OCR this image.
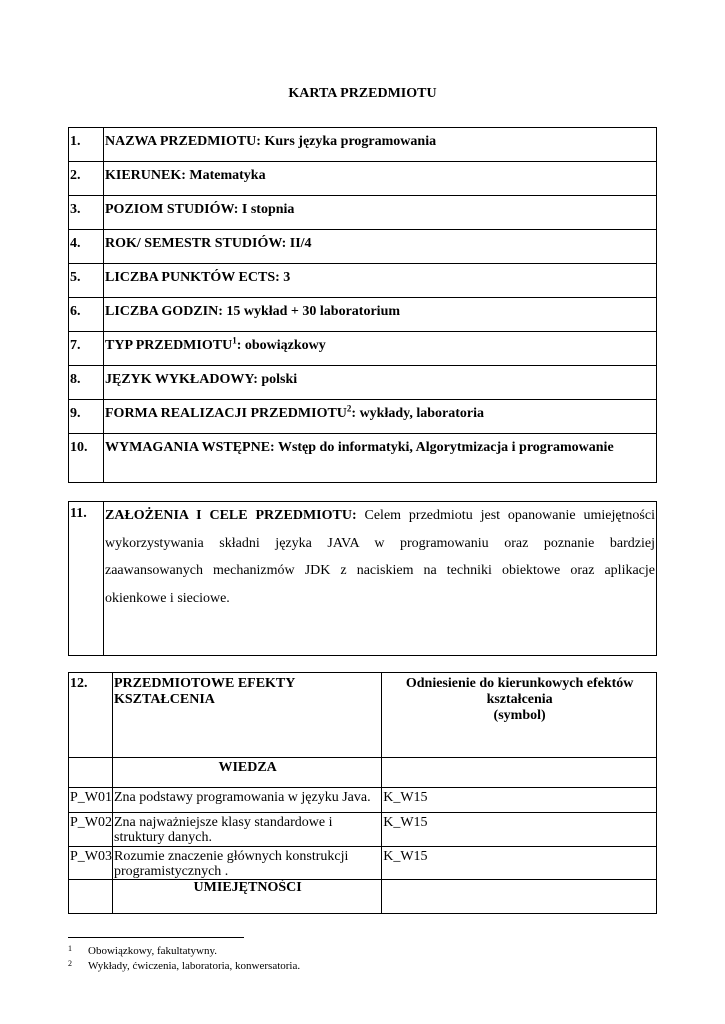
KARTA PRZEDMIOTU
1.	NAZWA PRZEDMIOTU: Kurs języka programowania
2.	KIERUNEK: Matematyka
3.	POZIOM STUDIÓW: I stopnia
4.	ROK/ SEMESTR STUDIÓW: II/4
5.	LICZBA PUNKTÓW ECTS: 3
6.	LICZBA GODZIN: 15 wykład + 30 laboratorium
7.	TYP PRZEDMIOTU$^1$: obowiązkowy
8.	JĘZYK WYKŁADOWY: polski
9.	FORMA REALIZACJI PRZEDMIOTU$^2$: wykłady, laboratoria
10.	WYMAGANIA WSTĘPNE: Wstęp do informatyki, Algorytmizacja i programowanie
11.	ZAŁOŻENIA I CELE PRZEDMIOTU: Celem przedmiotu jest opanowanie umiejętności wykorzystywania składni języka JAVA w programowaniu oraz poznanie bardziej zaawansowanych mechanizmów JDK z naciskiem na techniki obiektowe oraz aplikacje okienkowe i sieciowe.
12.	PRZEDMIOTOWE EFEKTY KSZTAŁCENIA	Odniesienie do kierunkowych efektów kształcenia
(symbol)

	WIEDZA	
P_W01	Zna podstawy programowania w języku Java.	K_W15
P_W02	Zna najważniejsze klasy standardowe i struktury danych.	K_W15
P_W03	Rozumie znaczenie głównych konstrukcji programistycznych .	K_W15
	UMIEJĘTNOŚCI	
1 Obowiązkowy, fakultatywny.
2 Wykłady, ćwiczenia, laboratoria, konwersatoria.
